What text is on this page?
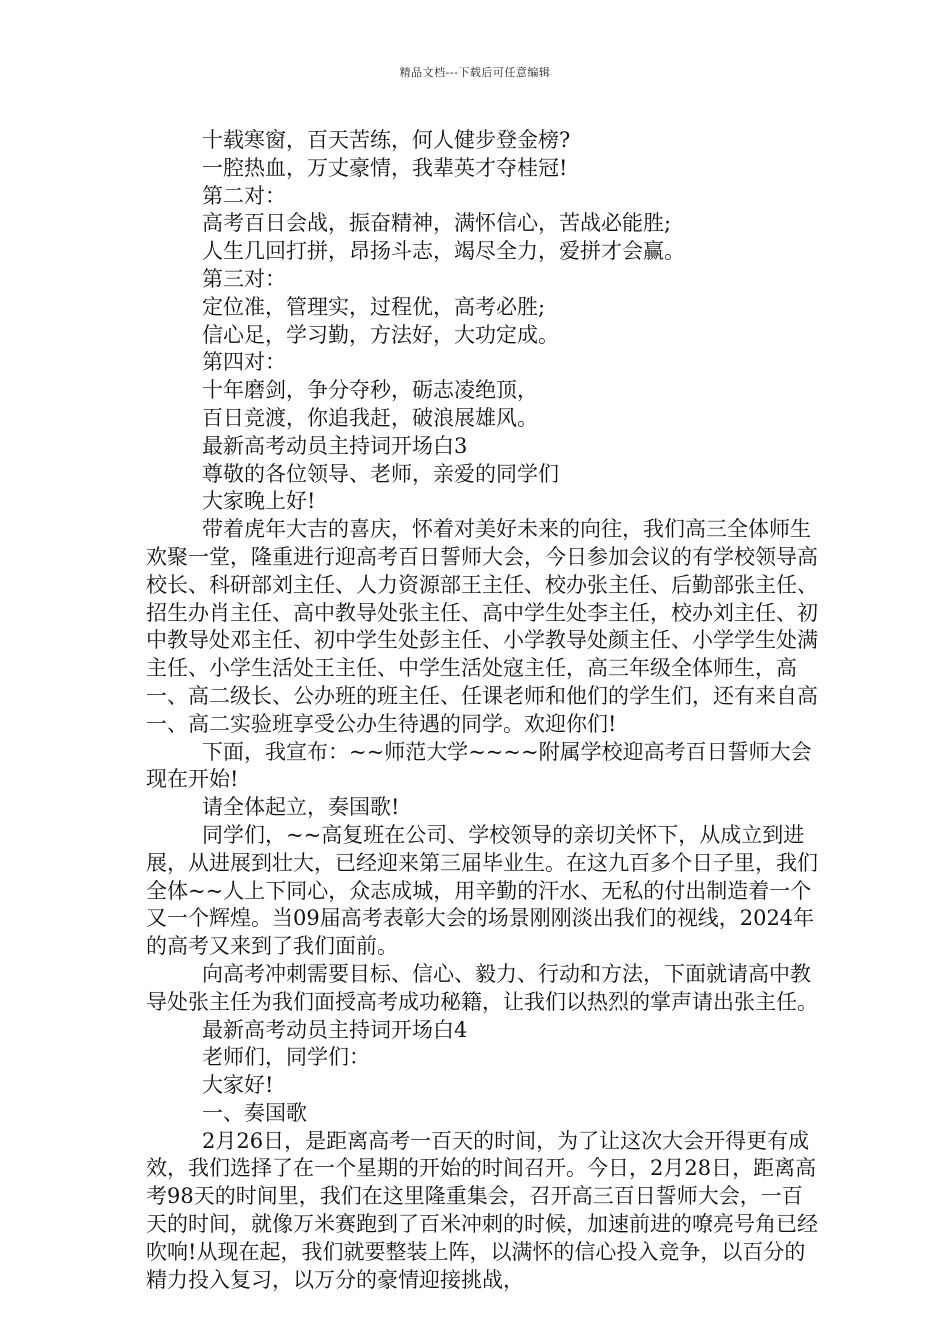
精品文档---下载后可任意编辑

十载寒窗，百天苦练，何人健步登金榜?

一腔热血，万丈豪情，我辈英才夺桂冠!

第二对：

高考百日会战，振奋精神，满怀信心，苦战必能胜;

人生几回打拼，昂扬斗志，竭尽全力，爱拼才会赢。

第三对：

定位准，管理实，过程优，高考必胜;

信心足，学习勤，方法好，大功定成。

第四对：

十年磨剑，争分夺秒，砺志凌绝顶，

百日竞渡，你追我赶，破浪展雄风。

最新高考动员主持词开场白3

尊敬的各位领导、老师，亲爱的同学们

大家晚上好!

带着虎年大吉的喜庆，怀着对美好未来的向往，我们高三全体师生欢聚一堂，隆重进行迎高考百日誓师大会，今日参加会议的有学校领导高校长、科研部刘主任、人力资源部王主任、校办张主任、后勤部张主任、招生办肖主任、高中教导处张主任、高中学生处李主任，校办刘主任、初中教导处邓主任、初中学生处彭主任、小学教导处颜主任、小学学生处满主任、小学生活处王主任、中学生活处寇主任，高三年级全体师生，高一、高二级长、公办班的班主任、任课老师和他们的学生们，还有来自高一、高二实验班享受公办生待遇的同学。欢迎你们!

下面，我宣布：~~师范大学~~~~附属学校迎高考百日誓师大会现在开始!

请全体起立，奏国歌!

同学们，~~高复班在公司、学校领导的亲切关怀下，从成立到进展，从进展到壮大，已经迎来第三届毕业生。在这九百多个日子里，我们全体~~人上下同心，众志成城，用辛勤的汗水、无私的付出制造着一个又一个辉煌。当09届高考表彰大会的场景刚刚淡出我们的视线，2024年的高考又来到了我们面前。

向高考冲刺需要目标、信心、毅力、行动和方法，下面就请高中教导处张主任为我们面授高考成功秘籍，让我们以热烈的掌声请出张主任。

最新高考动员主持词开场白4

老师们，同学们：

大家好!

一、奏国歌

2月26日，是距离高考一百天的时间，为了让这次大会开得更有成效，我们选择了在一个星期的开始的时间召开。今日，2月28日，距离高考98天的时间里，我们在这里隆重集会，召开高三百日誓师大会，一百天的时间，就像万米赛跑到了百米冲刺的时候，加速前进的嘹亮号角已经吹响!从现在起，我们就要整装上阵，以满怀的信心投入竞争，以百分的精力投入复习，以万分的豪情迎接挑战，
